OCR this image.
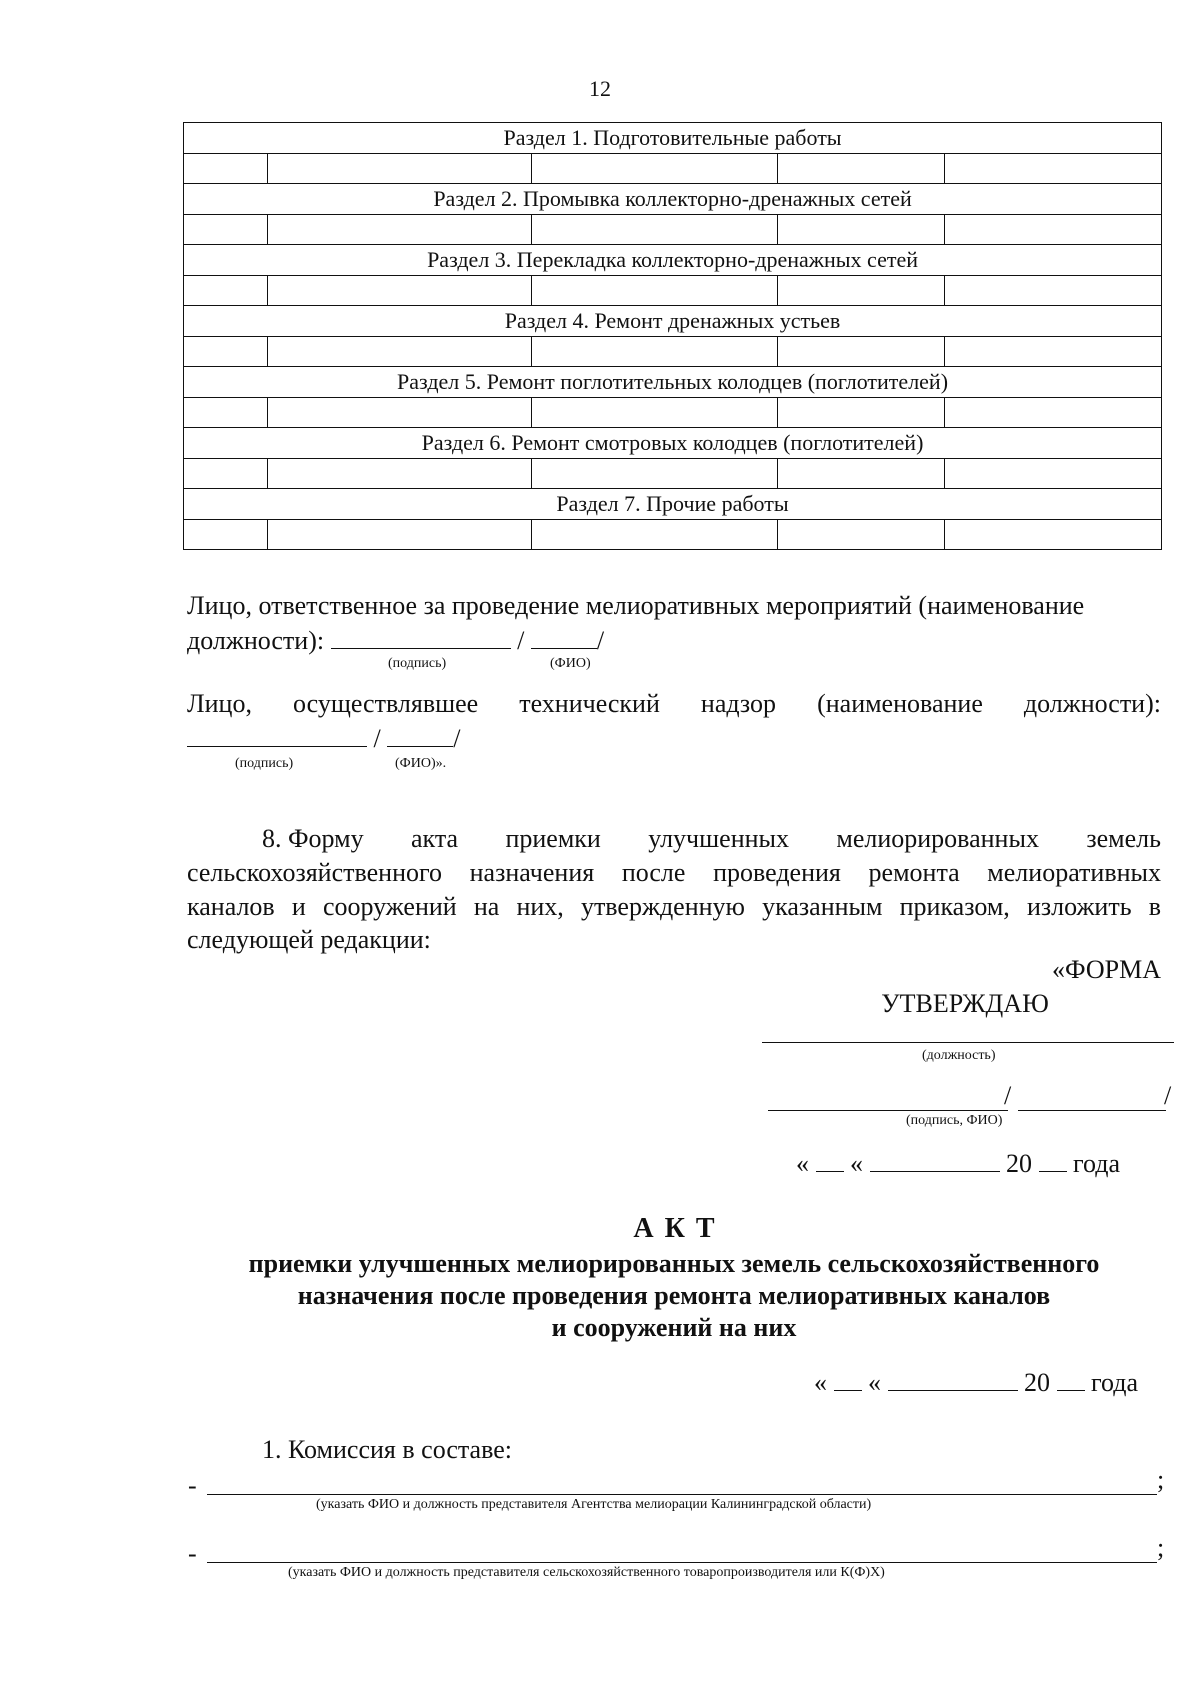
12
Раздел 1. Подготовительные работы				

Раздел 2. Промывка коллекторно-дренажных сетей				

Раздел 3. Перекладка коллекторно-дренажных сетей				

Раздел 4. Ремонт дренажных устьев				

Раздел 5. Ремонт поглотительных колодцев (поглотителей)				

Раздел 6. Ремонт смотровых колодцев (поглотителей)				

Раздел 7. Прочие работы				

Лицо, ответственное за проведение мелиоративных мероприятий (наименование
должности):	/	/
(подпись)	(ФИО)
Лицо, осуществлявшее технический надзор (наименование должности):
/	/
(подпись)	(ФИО)».
8. Форму акта приемки улучшенных мелиорированных земель
сельскохозяйственного назначения после проведения ремонта мелиоративных
каналов и сооружений на них, утвержденную указанным приказом, изложить в
следующей редакции:
«ФОРМА
УТВЕРЖДАЮ
(должность)
/	/
(подпись, ФИО)
« «	20 года
А К Т
приемки улучшенных мелиорированных земель сельскохозяйственного
назначения после проведения ремонта мелиоративных каналов
и сооружений на них
« «	20 года
1. Комиссия в составе:
-	;
(указать ФИО и должность представителя Агентства мелиорации Калининградской области)
-	;
(указать ФИО и должность представителя сельскохозяйственного товаропроизводителя или К(Ф)Х)
